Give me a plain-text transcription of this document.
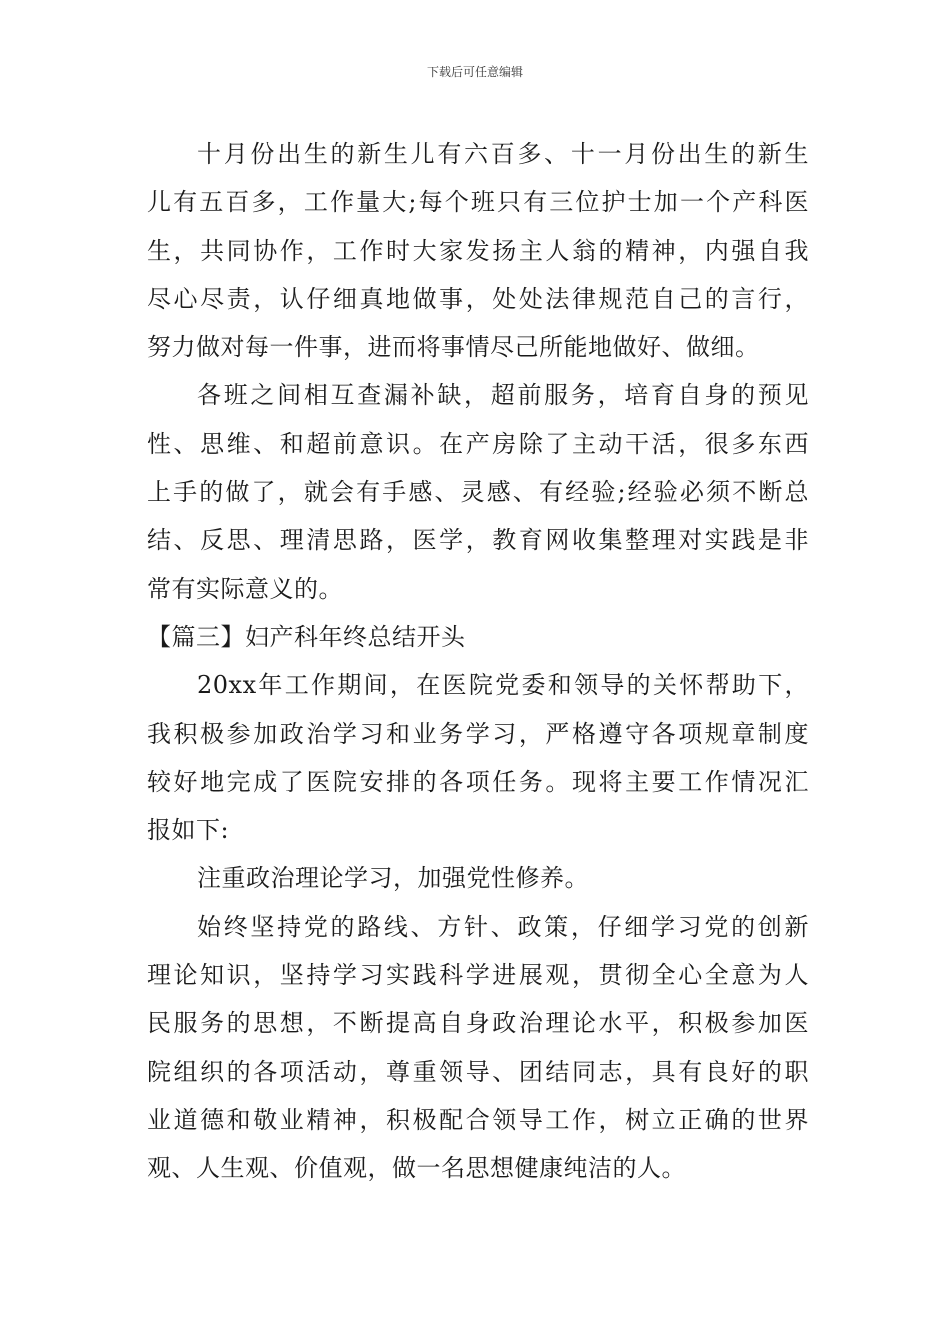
下载后可任意编辑
十月份出生的新生儿有六百多、十一月份出生的新生
儿有五百多，工作量大;每个班只有三位护士加一个产科医
生，共同协作，工作时大家发扬主人翁的精神，内强自我
尽心尽责，认仔细真地做事，处处法律规范自己的言行，
努力做对每一件事，进而将事情尽己所能地做好、做细。
各班之间相互查漏补缺，超前服务，培育自身的预见
性、思维、和超前意识。在产房除了主动干活，很多东西
上手的做了，就会有手感、灵感、有经验;经验必须不断总
结、反思、理清思路，医学，教育网收集整理对实践是非
常有实际意义的。
【篇三】妇产科年终总结开头
20xx年工作期间，在医院党委和领导的关怀帮助下，
我积极参加政治学习和业务学习，严格遵守各项规章制度
较好地完成了医院安排的各项任务。现将主要工作情况汇
报如下:
注重政治理论学习，加强党性修养。
始终坚持党的路线、方针、政策，仔细学习党的创新
理论知识，坚持学习实践科学进展观，贯彻全心全意为人
民服务的思想，不断提高自身政治理论水平，积极参加医
院组织的各项活动，尊重领导、团结同志，具有良好的职
业道德和敬业精神，积极配合领导工作，树立正确的世界
观、人生观、价值观，做一名思想健康纯洁的人。
